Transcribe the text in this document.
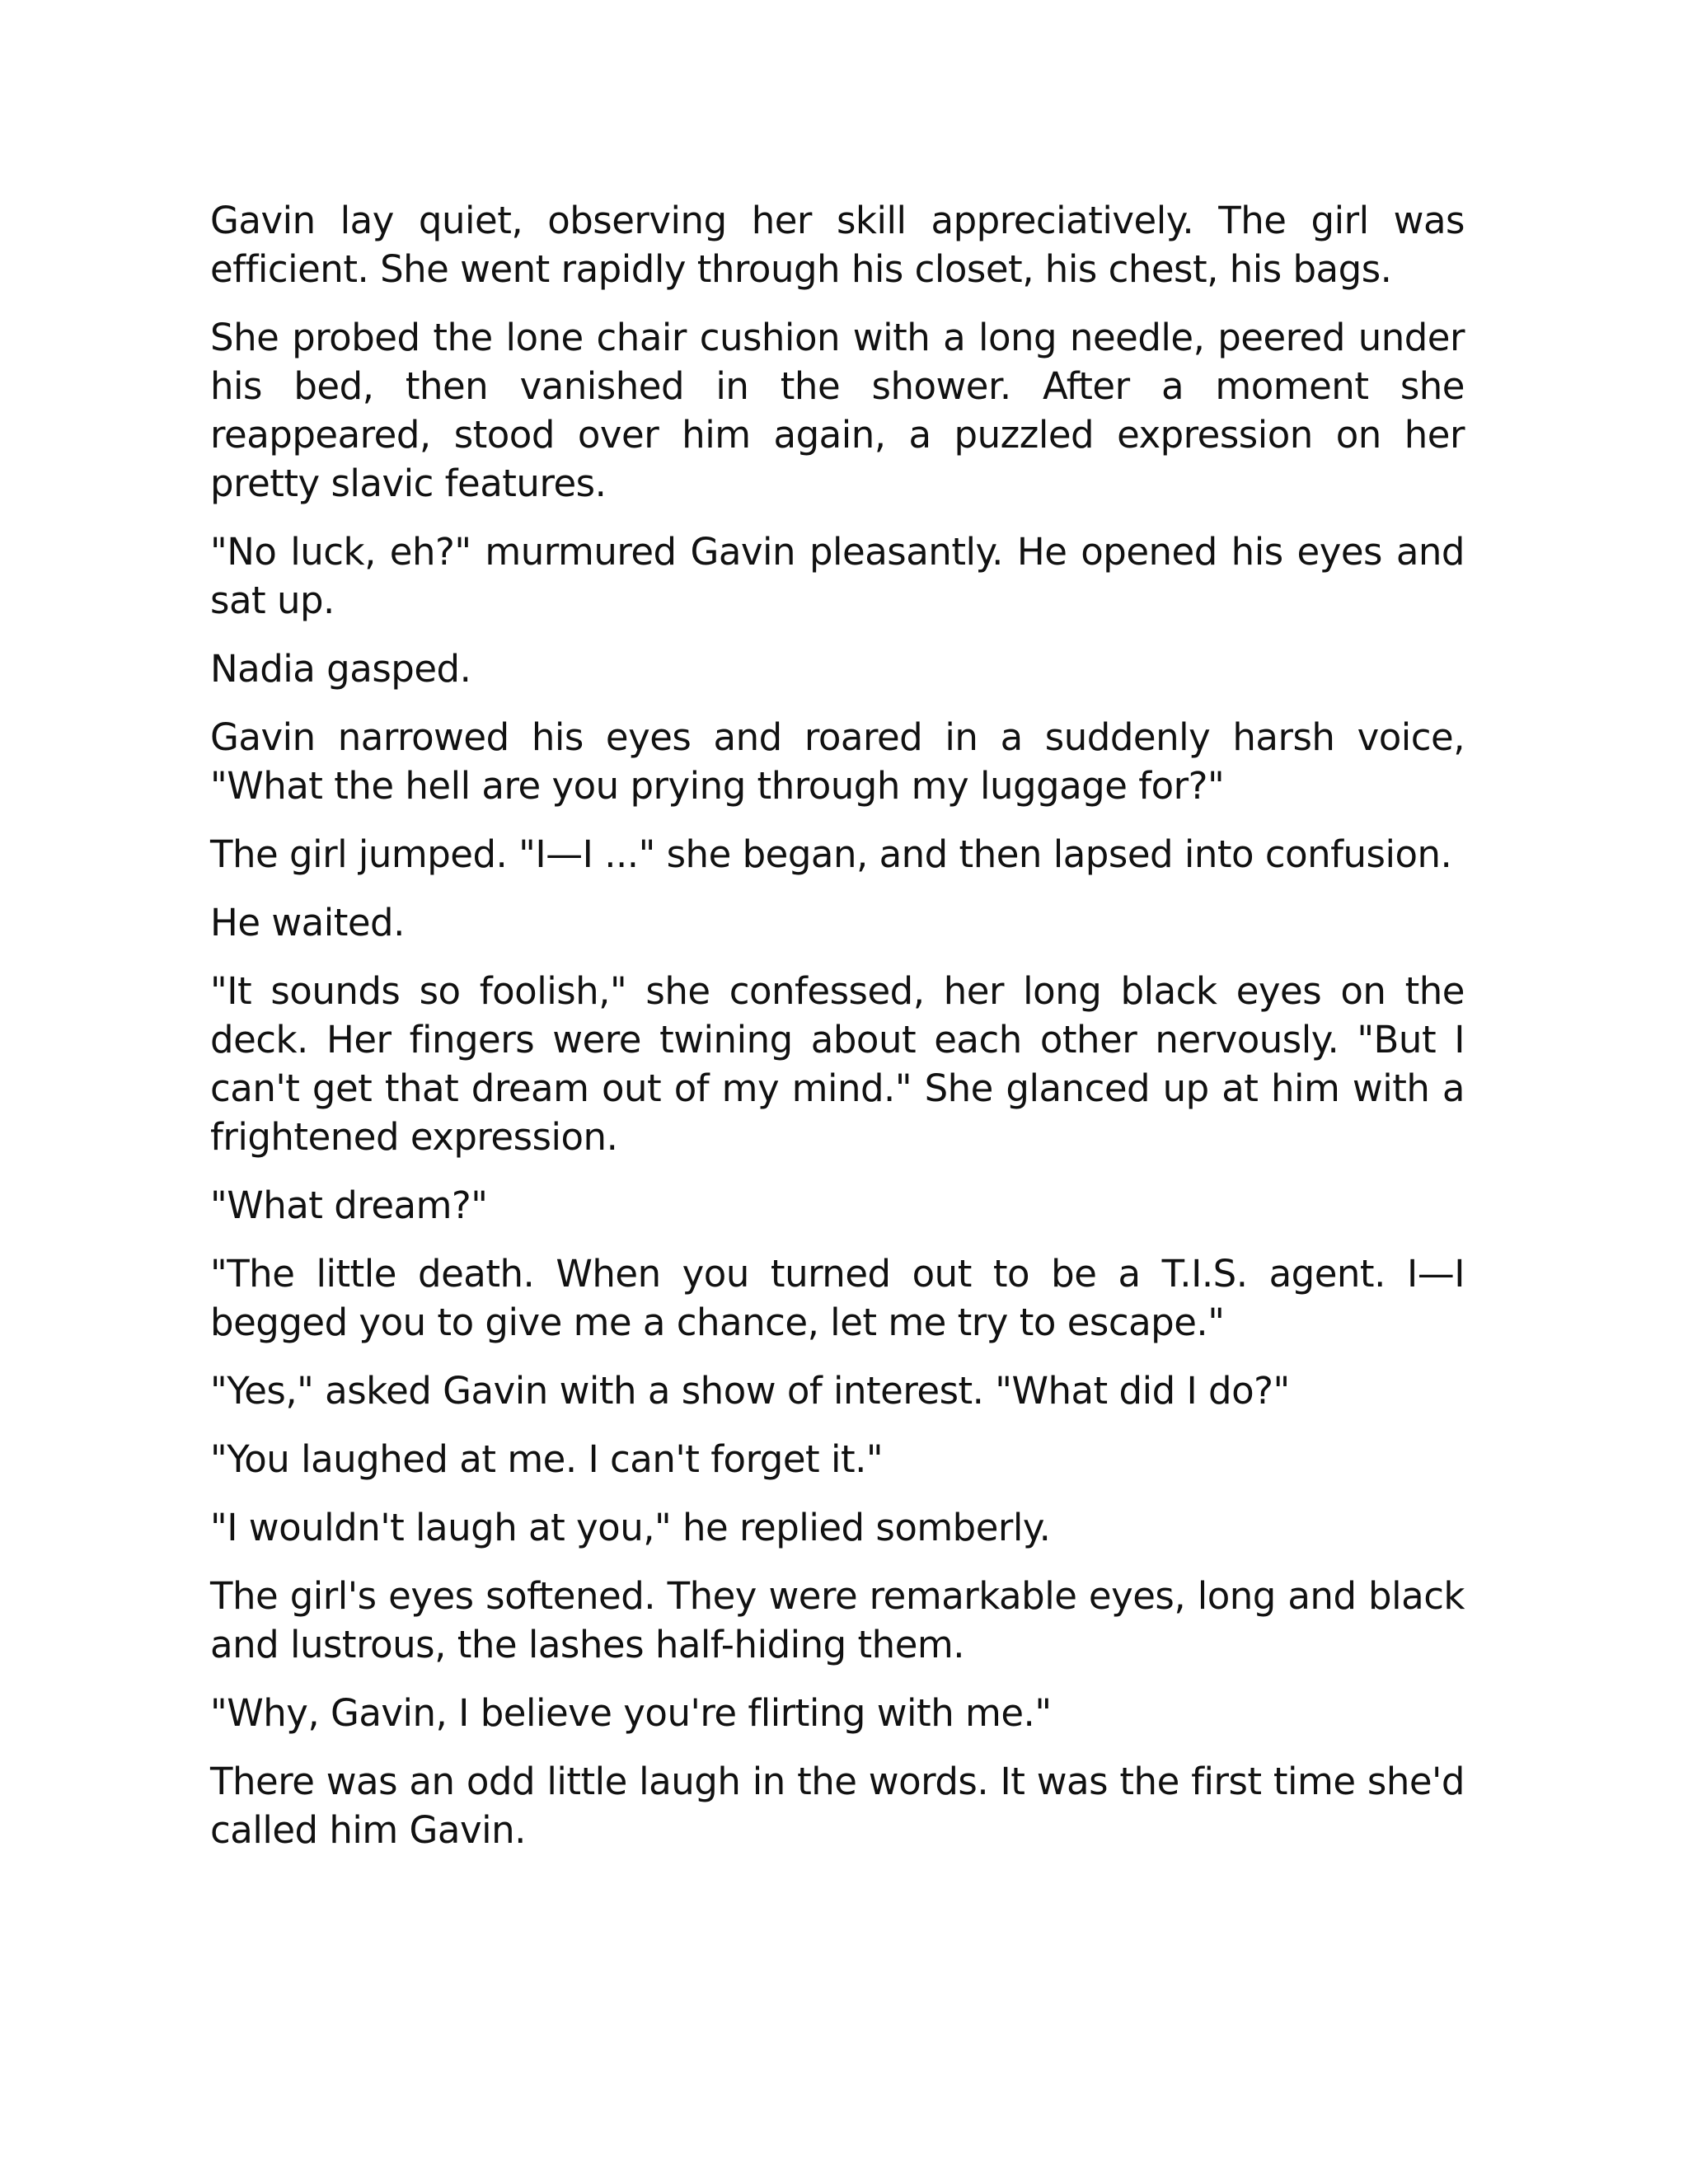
Gavin lay quiet, observing her skill appreciatively. The girl was efficient. She went rapidly through his closet, his chest, his bags.

She probed the lone chair cushion with a long needle, peered under his bed, then vanished in the shower. After a moment she reappeared, stood over him again, a puzzled expression on her pretty slavic features.

"No luck, eh?" murmured Gavin pleasantly. He opened his eyes and sat up.

Nadia gasped.

Gavin narrowed his eyes and roared in a suddenly harsh voice, "What the hell are you prying through my luggage for?"

The girl jumped. "I—I ..." she began, and then lapsed into confusion.

He waited.

"It sounds so foolish," she confessed, her long black eyes on the deck. Her fingers were twining about each other nervously. "But I can't get that dream out of my mind." She glanced up at him with a frightened expression.

"What dream?"

"The little death. When you turned out to be a T.I.S. agent. I—I begged you to give me a chance, let me try to escape."

"Yes," asked Gavin with a show of interest. "What did I do?"

"You laughed at me. I can't forget it."

"I wouldn't laugh at you," he replied somberly.

The girl's eyes softened. They were remarkable eyes, long and black and lustrous, the lashes half-hiding them.

"Why, Gavin, I believe you're flirting with me."

There was an odd little laugh in the words. It was the first time she'd called him Gavin.
